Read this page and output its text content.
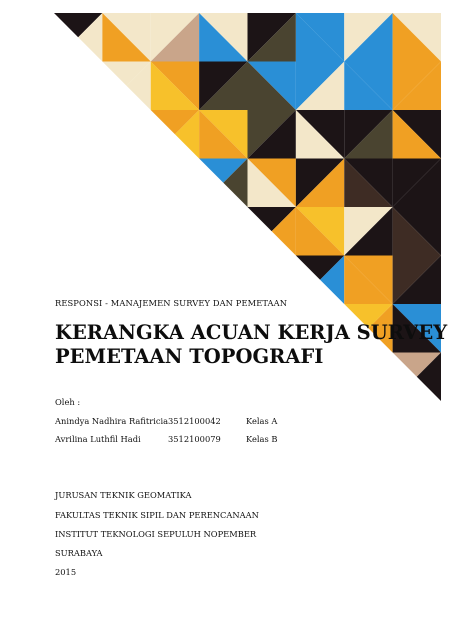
RESPONSI - MANAJEMEN SURVEY DAN PEMETAAN
KERANGKA ACUAN KERJA SURVEY
PEMETAAN TOPOGRAFI
Oleh :
Anindya Nadhira Rafitricia 3512100042	Kelas A
Avrilina Luthfil Hadi	3512100079	Kelas B
JURUSAN TEKNIK GEOMATIKA
FAKULTAS TEKNIK SIPIL DAN PERENCANAAN
INSTITUT TEKNOLOGI SEPULUH NOPEMBER
SURABAYA
2015
